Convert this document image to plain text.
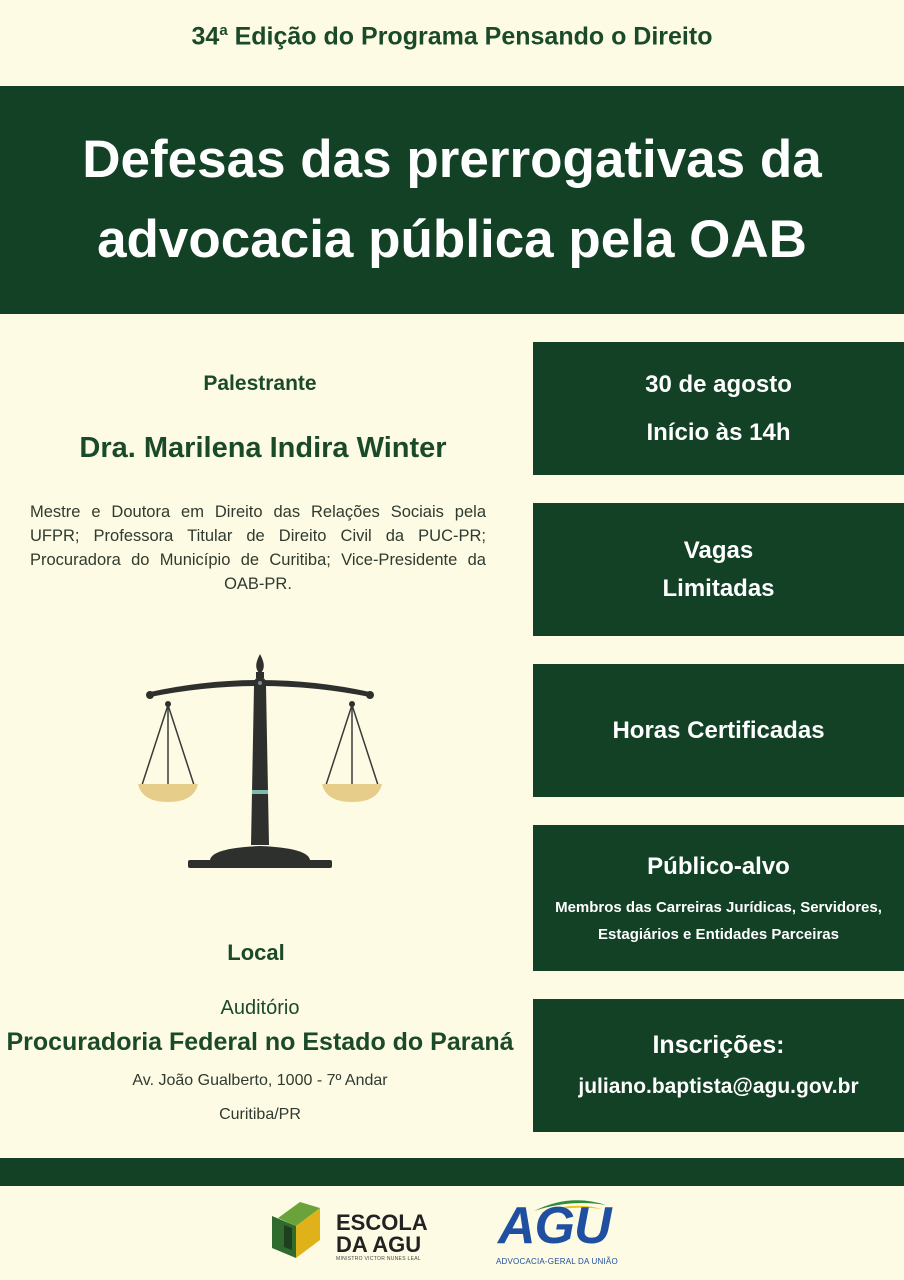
34$^a$ Edição do Programa Pensando o Direito
Defesas das prerrogativas da
advocacia pública pela OAB
Palestrante
Dra. Marilena Indira Winter
Mestre e Doutora em Direito das Relações Sociais pela UFPR; Professora Titular de Direito Civil da PUC-PR; Procuradora do Município de Curitiba; Vice-Presidente da OAB-PR.
30 de agosto
Início às 14h
Vagas
Limitadas
Horas Certificadas
Público-alvo
Membros das Carreiras Jurídicas, Servidores,
Estagiários e Entidades Parceiras
Inscrições:
juliano.baptista@agu.gov.br
Local
Auditório
Procuradoria Federal no Estado do Paraná
Av. João Gualberto, 1000 - 7º Andar
Curitiba/PR
ESCOLA
DA AGU
MINISTRO VICTOR NUNES LEAL
AGU
ADVOCACIA-GERAL DA UNIÃO
